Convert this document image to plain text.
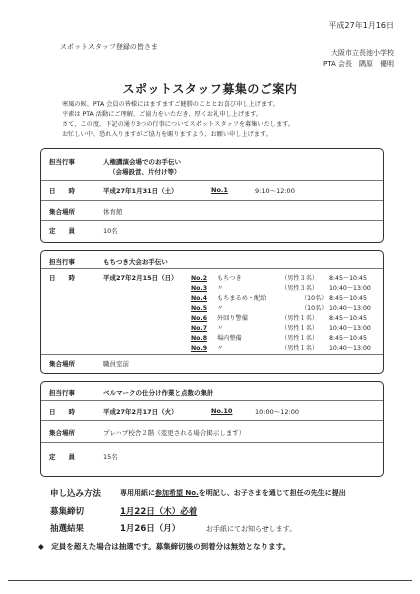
平成27年1月16日
スポットスタッフ登録の皆さま
大阪市立長池小学校
PTA 会長　隅原　優明
スポットスタッフ募集のご案内
寒風の候、PTA 会員の皆様にはますますご健勝のこととお喜び申し上げます。
平素は PTA 活動にご理解、ご協力をいただき、厚くお礼申し上げます。
さて、この度、下記の通り3つの行事についてスポットスタッフを募集いたします。
お忙しい中、恐れ入りますがご協力を賜りますよう、お願い申し上げます。
担当行事	人権講演会場でのお手伝い
（会場設営、片付け等）
日　　時	平成27年1月31日（土）	No.1	9:10〜12:00
集合場所	体育館
定　　員	10名
担当行事	もちつき大会お手伝い
日　　時	平成27年2月15日（日） No.2 もちつき	（男性３名） 8:45〜10:45
No.3 〃	（男性３名） 10:40〜13:00
No.4 もちまるめ・配給	（10名） 8:45〜10:45
No.5 〃	（10名） 10:40〜13:00
No.6 外回り警備	（男性１名） 8:45〜10:45
No.7 〃	（男性１名） 10:40〜13:00
No.8 場内整備	（男性１名） 8:45〜10:45
No.9 〃	（男性１名） 10:40〜13:00
集合場所	職員室前
担当行事	ベルマークの仕分け作業と点数の集計
日　　時	平成27年2月17日（火）	No.10	10:00〜12:00
集合場所	プレハブ校舎２階（変更される場合掲示します）
定　　員	15名
申し込み方法	専用用紙に参加希望 No.を明記し、お子さまを通じて担任の先生に提出
募集締切	1月22日（木）必着
抽選結果	1月26日（月）	お手紙にてお知らせします。
◆　定員を超えた場合は抽選です。募集締切後の到着分は無効となります。
